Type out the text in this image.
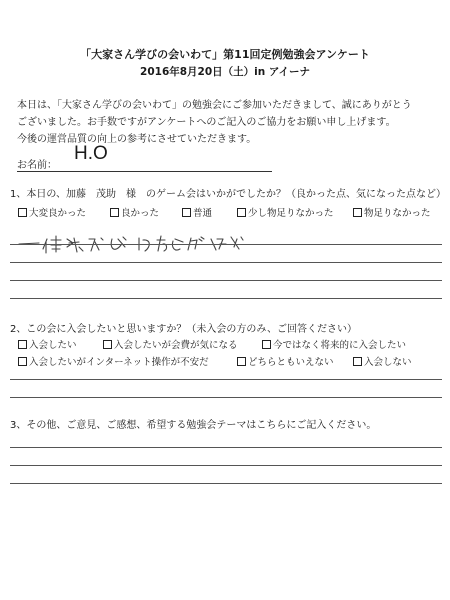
「大家さん学びの会いわて」第11回定例勉強会アンケート
2016年8月20日（土）in アイーナ
本日は、「大家さん学びの会いわて」の勉強会にご参加いただきまして、誠にありがとう
ございました。お手数ですがアンケートへのご記入のご協力をお願い申し上げます。
今後の運営品質の向上の参考にさせていただきます。
お名前：
H.O
1、本日の、加藤　茂助　様　のゲーム会はいかがでしたか？（良かった点、気になった点など）
大変良かった	良かった	普通	少し物足りなかった	物足りなかった
2、この会に入会したいと思いますか？（未入会の方のみ、ご回答ください）
入会したい	入会したいが会費が気になる	今ではなく将来的に入会したい
入会したいがインターネット操作が不安だ	どちらともいえない	入会しない
3、その他、ご意見、ご感想、希望する勉強会テーマはこちらにご記入ください。
